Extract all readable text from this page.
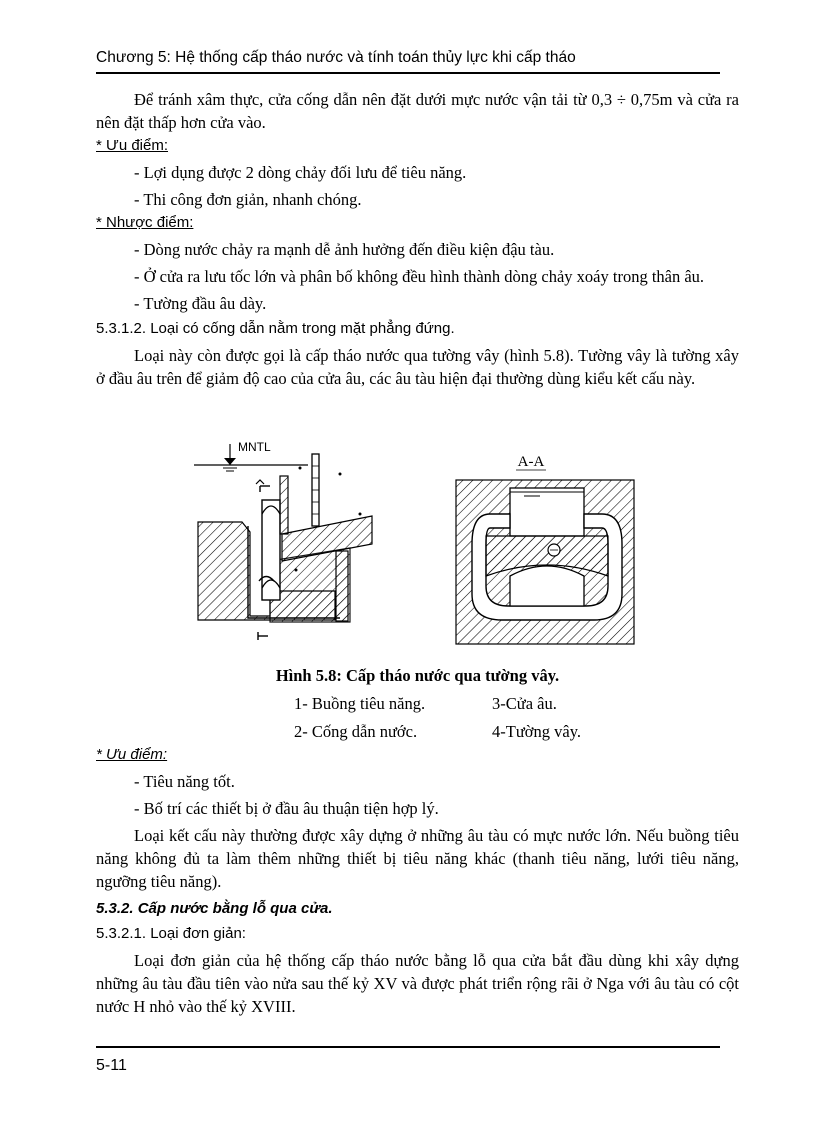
Chương 5: Hệ thống cấp tháo nước và tính toán thủy lực khi cấp tháo

Để tránh xâm thực, cửa cống dẫn nên đặt dưới mực nước vận tải từ 0,3 ÷ 0,75m và cửa ra nên đặt thấp hơn cửa vào.

* Ưu điểm:

- Lợi dụng được 2 dòng chảy đối lưu để tiêu năng.

- Thi công đơn giản, nhanh chóng.

* Nhược điểm:

- Dòng nước chảy ra mạnh dễ ảnh hưởng đến điều kiện đậu tàu.

- Ở cửa ra lưu tốc lớn và phân bố không đều hình thành dòng chảy xoáy trong thân âu.

- Tường đầu âu dày.

5.3.1.2. Loại có cống dẫn nằm trong mặt phẳng đứng.

Loại này còn được gọi là cấp tháo nước qua tường vây (hình 5.8). Tường vây là tường xây ở đầu âu trên để giảm độ cao của cửa âu, các âu tàu hiện đại thường dùng kiểu kết cấu này.

MNTL
A-A
Hình 5.8: Cấp tháo nước qua tường vây.
1- Buồng tiêu năng.	3-Cửa âu.
2- Cống dẫn nước.	4-Tường vây.

* Ưu điểm:

- Tiêu năng tốt.

- Bố trí các thiết bị ở đầu âu thuận tiện hợp lý.

Loại kết cấu này thường được xây dựng ở những âu tàu có mực nước lớn. Nếu buồng tiêu năng không đủ ta làm thêm những thiết bị tiêu năng khác (thanh tiêu năng, lưới tiêu năng, ngưỡng tiêu năng).

5.3.2. Cấp nước bằng lỗ qua cửa.

5.3.2.1. Loại đơn giản:

Loại đơn giản của hệ thống cấp tháo nước bằng lỗ qua cửa bắt đầu dùng khi xây dựng những âu tàu đầu tiên vào nửa sau thế kỷ XV và được phát triển rộng rãi ở Nga với âu tàu có cột nước H nhỏ vào thế kỷ XVIII.

5-11
